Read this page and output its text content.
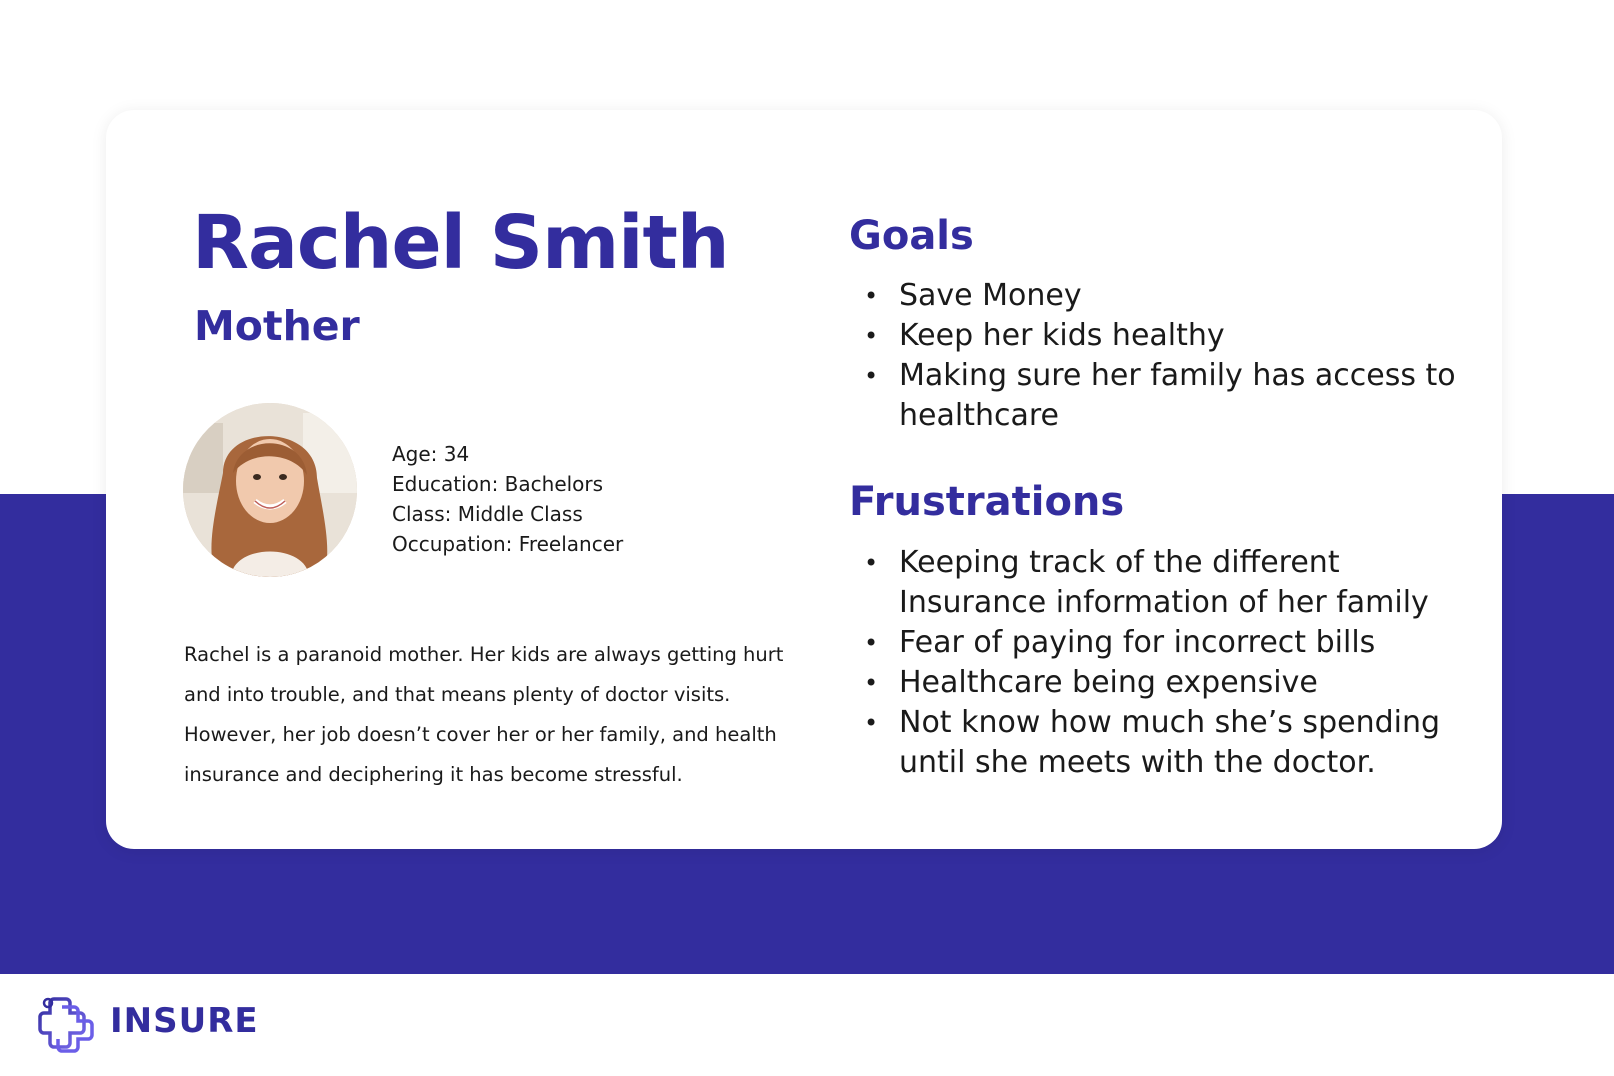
Rachel Smith
Mother
Age: 34
Education: Bachelors
Class: Middle Class
Occupation: Freelancer

Rachel is a paranoid mother. Her kids are always getting hurt and into trouble, and that means plenty of doctor visits. However, her job doesn’t cover her or her family, and health insurance and deciphering it has become stressful.

Goals
• Save Money
• Keep her kids healthy
• Making sure her family has access to healthcare
Frustrations
• Keeping track of the different Insurance information of her family
• Fear of paying for incorrect bills
• Healthcare being expensive
• Not know how much she’s spending until she meets with the doctor.
INSURE
